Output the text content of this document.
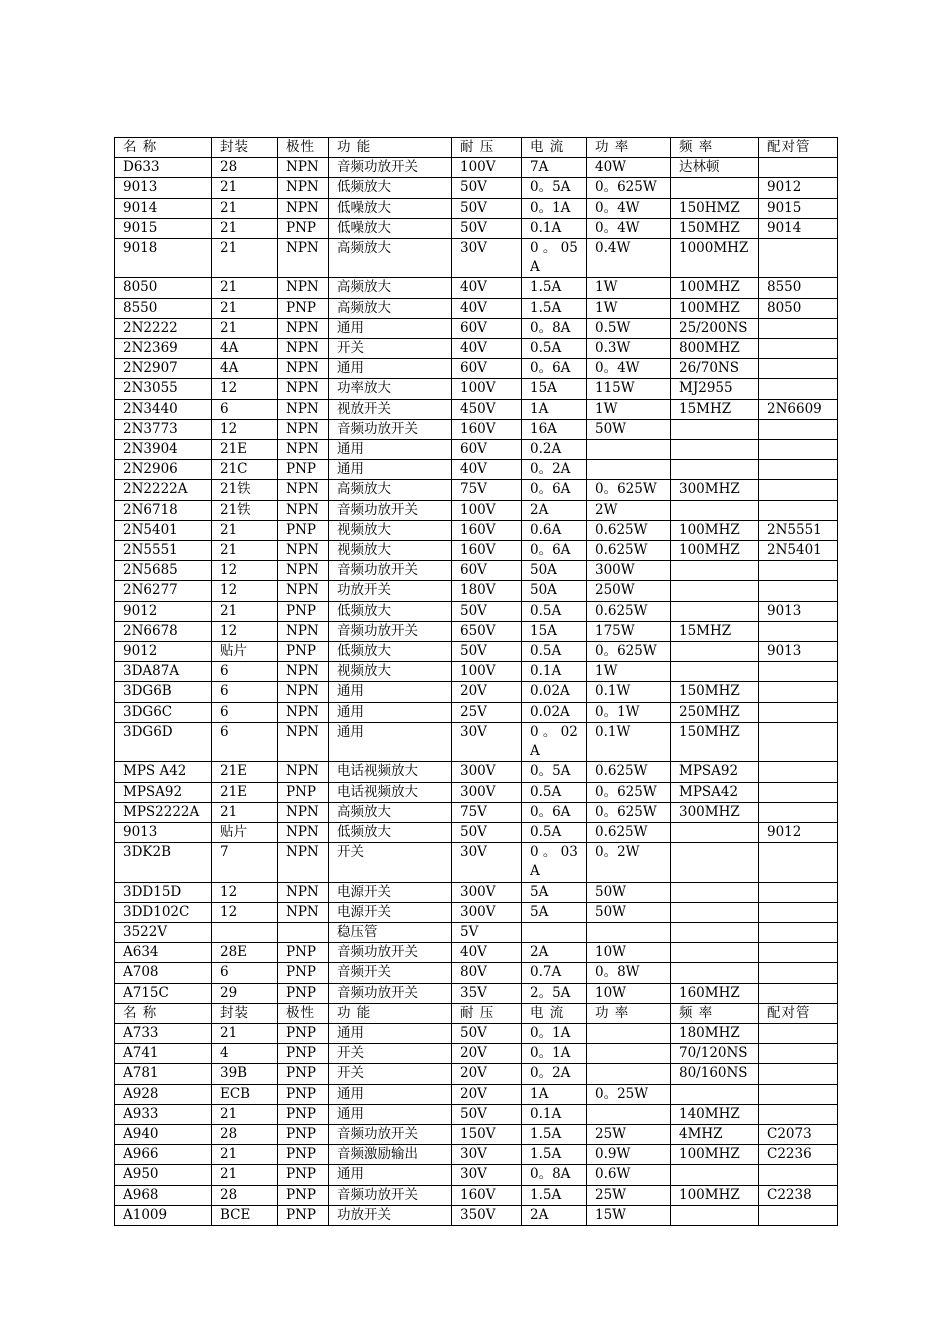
名 称	封装	极性	功 能	耐 压	电 流	功 率	频 率	配对管
D633	28	NPN	音频功放开关	100V	7A	40W	达林顿	
9013	21	NPN	低频放大	50V	0。5A	0。625W		9012
9014	21	NPN	低噪放大	50V	0。1A	0。4W	150HMZ	9015
9015	21	PNP	低噪放大	50V	0.1A	0。4W	150MHZ	9014
9018	21	NPN	高频放大	30V	0 。 05 A	0.4W	1000MHZ	
8050	21	NPN	高频放大	40V	1.5A	1W	100MHZ	8550
8550	21	PNP	高频放大	40V	1.5A	1W	100MHZ	8050
2N2222	21	NPN	通用	60V	0。8A	0.5W	25/200NS	
2N2369	4A	NPN	开关	40V	0.5A	0.3W	800MHZ	
2N2907	4A	NPN	通用	60V	0。6A	0。4W	26/70NS	
2N3055	12	NPN	功率放大	100V	15A	115W	MJ2955	
2N3440	6	NPN	视放开关	450V	1A	1W	15MHZ	2N6609
2N3773	12	NPN	音频功放开关	160V	16A	50W		
2N3904	21E	NPN	通用	60V	0.2A			
2N2906	21C	PNP	通用	40V	0。2A			
2N2222A	21铁	NPN	高频放大	75V	0。6A	0。625W	300MHZ	
2N6718	21铁	NPN	音频功放开关	100V	2A	2W		
2N5401	21	PNP	视频放大	160V	0.6A	0.625W	100MHZ	2N5551
2N5551	21	NPN	视频放大	160V	0。6A	0.625W	100MHZ	2N5401
2N5685	12	NPN	音频功放开关	60V	50A	300W		
2N6277	12	NPN	功放开关	180V	50A	250W		
9012	21	PNP	低频放大	50V	0.5A	0.625W		9013
2N6678	12	NPN	音频功放开关	650V	15A	175W	15MHZ	
9012	贴片	PNP	低频放大	50V	0.5A	0。625W		9013
3DA87A	6	NPN	视频放大	100V	0.1A	1W		
3DG6B	6	NPN	通用	20V	0.02A	0.1W	150MHZ	
3DG6C	6	NPN	通用	25V	0.02A	0。1W	250MHZ	
3DG6D	6	NPN	通用	30V	0 。 02 A	0.1W	150MHZ	
MPS A42	21E	NPN	电话视频放大	300V	0。5A	0.625W	MPSA92	
MPSA92	21E	PNP	电话视频放大	300V	0.5A	0。625W	MPSA42	
MPS2222A	21	NPN	高频放大	75V	0。6A	0。625W	300MHZ	
9013	贴片	NPN	低频放大	50V	0.5A	0.625W		9012
3DK2B	7	NPN	开关	30V	0 。 03 A	0。2W		
3DD15D	12	NPN	电源开关	300V	5A	50W		
3DD102C	12	NPN	电源开关	300V	5A	50W		
3522V			稳压管	5V				
A634	28E	PNP	音频功放开关	40V	2A	10W		
A708	6	PNP	音频开关	80V	0.7A	0。8W		
A715C	29	PNP	音频功放开关	35V	2。5A	10W	160MHZ	
名 称	封装	极性	功 能	耐 压	电 流	功 率	频 率	配对管
A733	21	PNP	通用	50V	0。1A		180MHZ	
A741	4	PNP	开关	20V	0。1A		70/120NS	
A781	39B	PNP	开关	20V	0。2A		80/160NS	
A928	ECB	PNP	通用	20V	1A	0。25W		
A933	21	PNP	通用	50V	0.1A		140MHZ	
A940	28	PNP	音频功放开关	150V	1.5A	25W	4MHZ	C2073
A966	21	PNP	音频激励输出	30V	1.5A	0.9W	100MHZ	C2236
A950	21	PNP	通用	30V	0。8A	0.6W		
A968	28	PNP	音频功放开关	160V	1.5A	25W	100MHZ	C2238
A1009	BCE	PNP	功放开关	350V	2A	15W		
